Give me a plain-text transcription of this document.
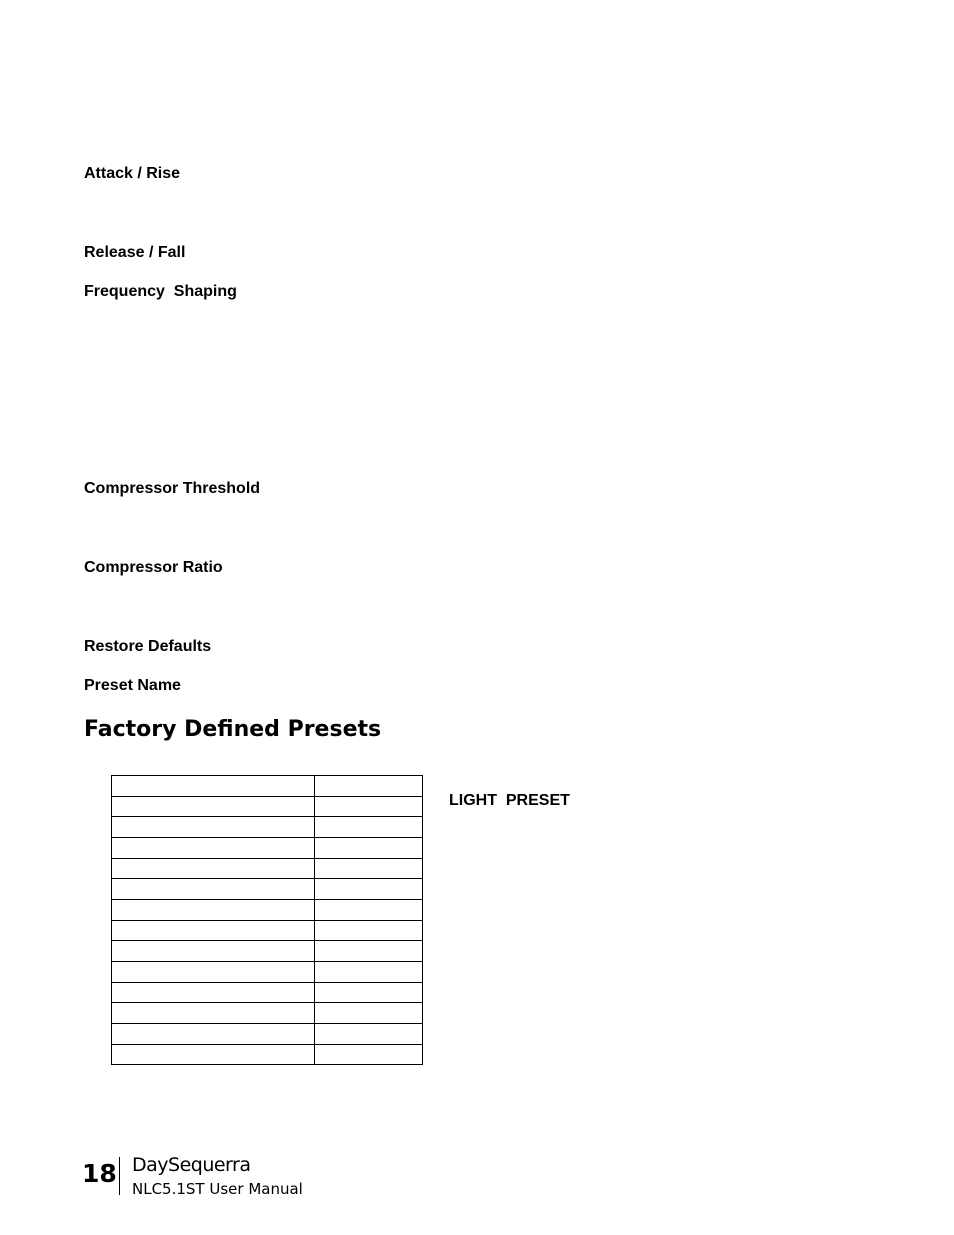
Attack / Rise
Release / Fall
Frequency  Shaping
Compressor Threshold
Compressor Ratio
Restore Defaults
Preset Name
Factory Defined Presets

LIGHT  PRESET
18 DaySequerra
NLC5.1ST User Manual
